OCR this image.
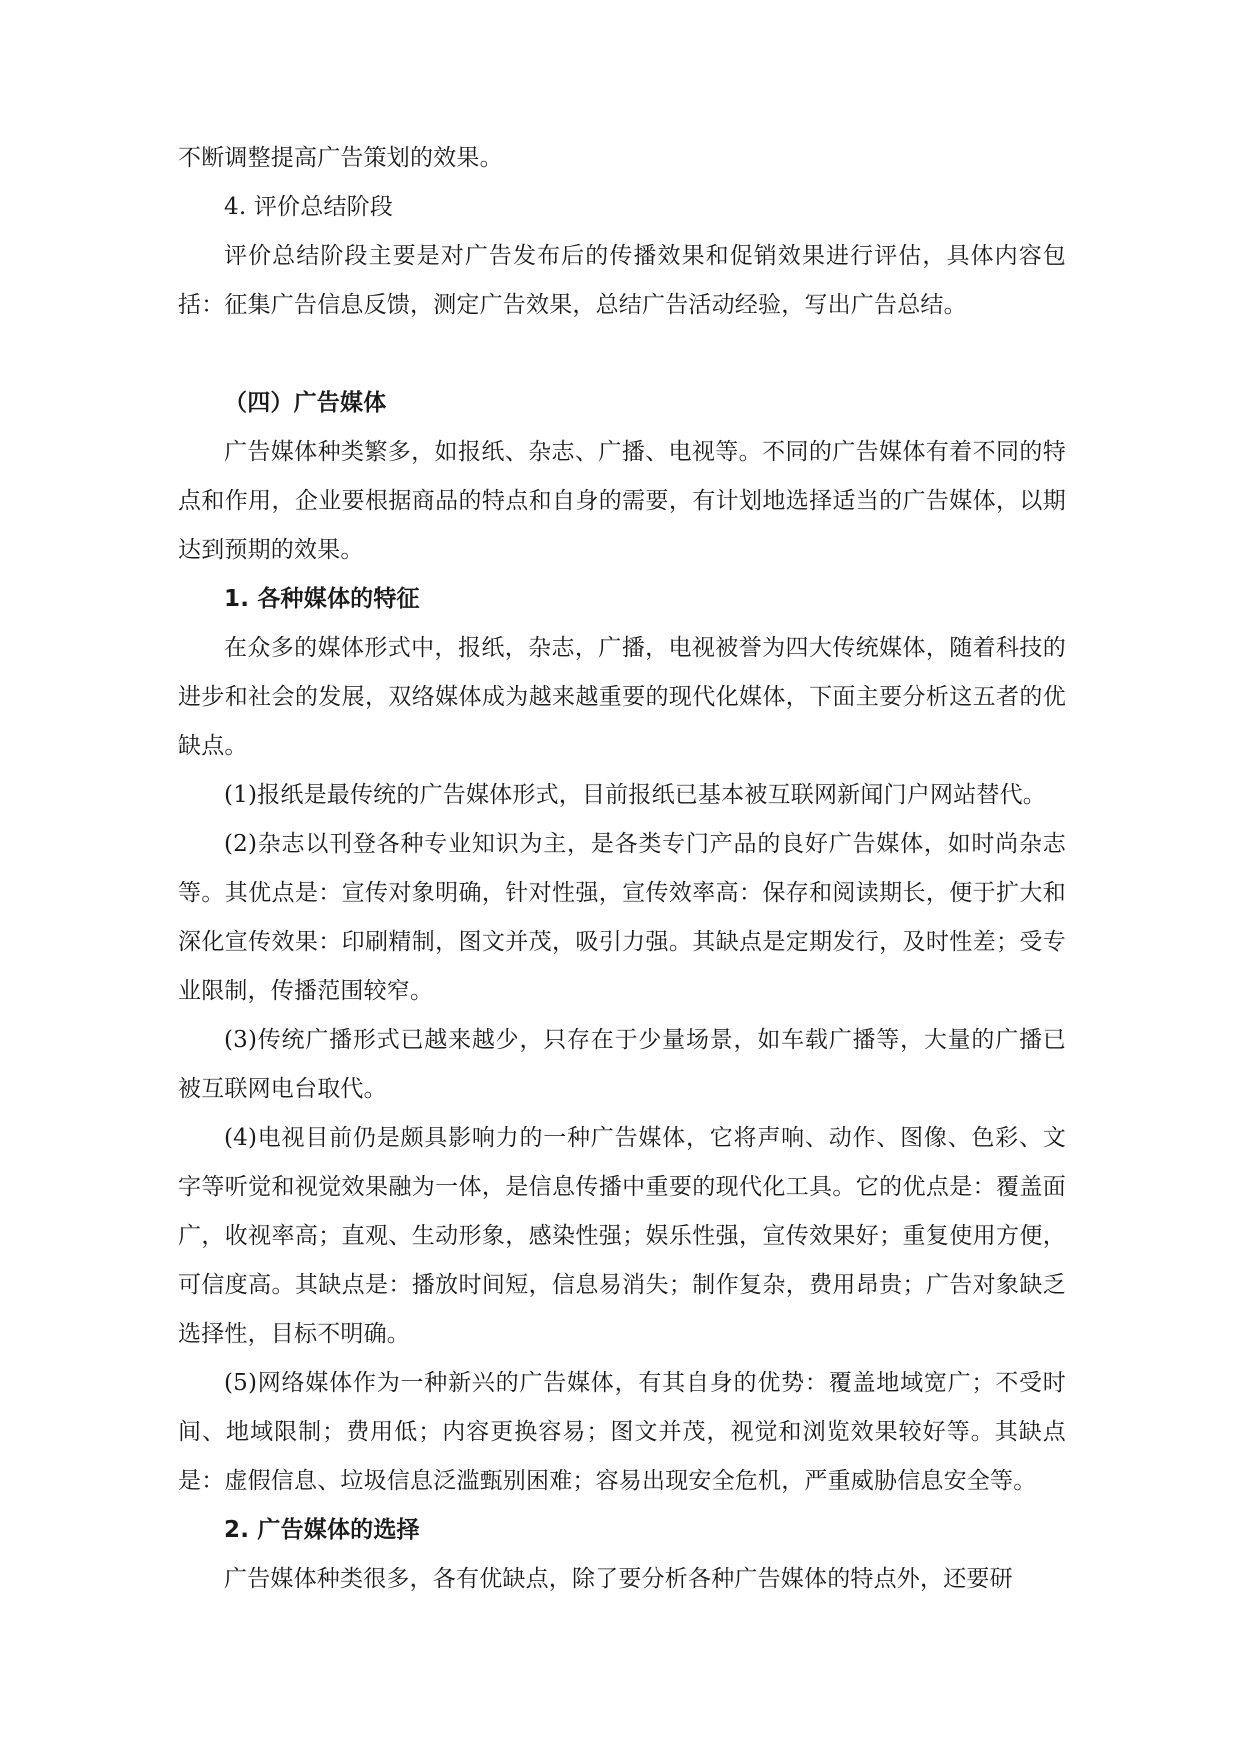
不断调整提高广告策划的效果。

4. 评价总结阶段

评价总结阶段主要是对广告发布后的传播效果和促销效果进行评估，具体内容包括：征集广告信息反馈，测定广告效果，总结广告活动经验，写出广告总结。

（四）广告媒体

广告媒体种类繁多，如报纸、杂志、广播、电视等。不同的广告媒体有着不同的特点和作用，企业要根据商品的特点和自身的需要，有计划地选择适当的广告媒体，以期达到预期的效果。

1. 各种媒体的特征

在众多的媒体形式中，报纸，杂志，广播，电视被誉为四大传统媒体，随着科技的进步和社会的发展，双络媒体成为越来越重要的现代化媒体，下面主要分析这五者的优缺点。

(1)报纸是最传统的广告媒体形式，目前报纸已基本被互联网新闻门户网站替代。

(2)杂志以刊登各种专业知识为主，是各类专门产品的良好广告媒体，如时尚杂志等。其优点是：宣传对象明确，针对性强，宣传效率高：保存和阅读期长，便于扩大和深化宣传效果：印刷精制，图文并茂，吸引力强。其缺点是定期发行，及时性差；受专业限制，传播范围较窄。

(3)传统广播形式已越来越少，只存在于少量场景，如车载广播等，大量的广播已被互联网电台取代。

(4)电视目前仍是颇具影响力的一种广告媒体，它将声响、动作、图像、色彩、文字等听觉和视觉效果融为一体，是信息传播中重要的现代化工具。它的优点是：覆盖面广，收视率高；直观、生动形象，感染性强；娱乐性强，宣传效果好；重复使用方便，可信度高。其缺点是：播放时间短，信息易消失；制作复杂，费用昂贵；广告对象缺乏选择性，目标不明确。

(5)网络媒体作为一种新兴的广告媒体，有其自身的优势：覆盖地域宽广；不受时间、地域限制；费用低；内容更换容易；图文并茂，视觉和浏览效果较好等。其缺点是：虚假信息、垃圾信息泛滥甄别困难；容易出现安全危机，严重威胁信息安全等。

2. 广告媒体的选择

广告媒体种类很多，各有优缺点，除了要分析各种广告媒体的特点外，还要研
